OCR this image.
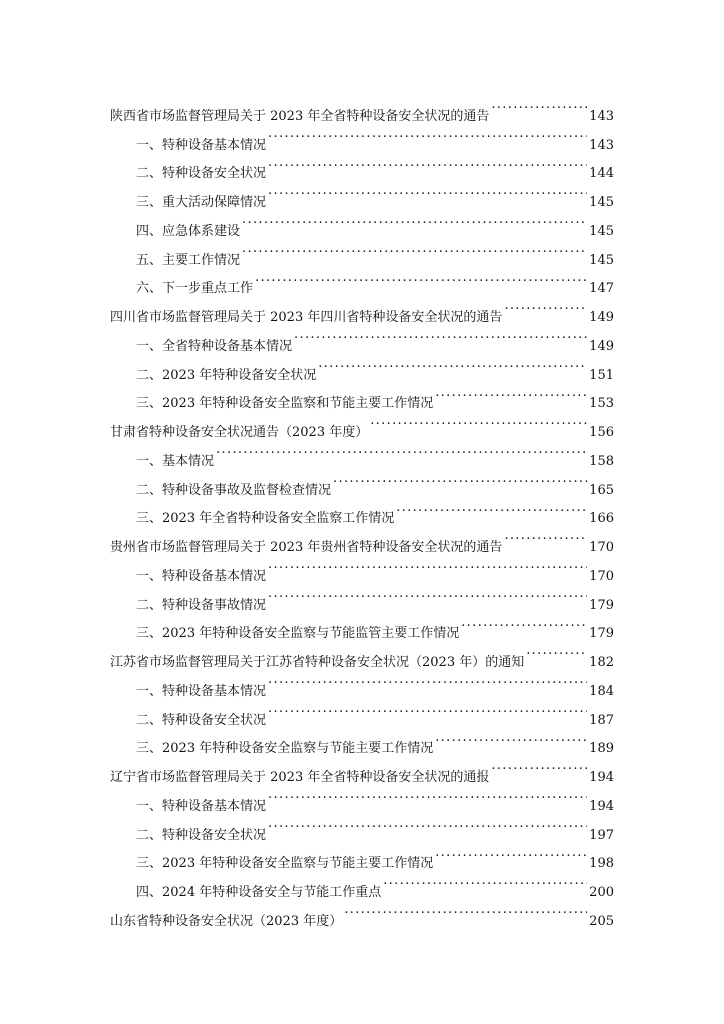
陕西省市场监督管理局关于 2023 年全省特种设备安全状况的通告 . . .	143
一、特种设备基本情况 . . .	143
二、特种设备安全状况 . . .	144
三、重大活动保障情况 . . .	145
四、应急体系建设 . . .	145
五、主要工作情况 . . .	145
六、下一步重点工作 . . .	147
四川省市场监督管理局关于 2023 年四川省特种设备安全状况的通告 . . .	149
一、全省特种设备基本情况 . . .	149
二、2023 年特种设备安全状况 . . .	151
三、2023 年特种设备安全监察和节能主要工作情况 . . .	153
甘肃省特种设备安全状况通告（2023 年度） . . .	156
一、基本情况 . . .	158
二、特种设备事故及监督检查情况 . . .	165
三、2023 年全省特种设备安全监察工作情况 . . .	166
贵州省市场监督管理局关于 2023 年贵州省特种设备安全状况的通告 . . .	170
一、特种设备基本情况 . . .	170
二、特种设备事故情况 . . .	179
三、2023 年特种设备安全监察与节能监管主要工作情况 . . .	179
江苏省市场监督管理局关于江苏省特种设备安全状况（2023 年）的通知 . . .	182
一、特种设备基本情况 . . .	184
二、特种设备安全状况 . . .	187
三、2023 年特种设备安全监察与节能主要工作情况 . . .	189
辽宁省市场监督管理局关于 2023 年全省特种设备安全状况的通报 . . .	194
一、特种设备基本情况 . . .	194
二、特种设备安全状况 . . .	197
三、2023 年特种设备安全监察与节能主要工作情况 . . .	198
四、2024 年特种设备安全与节能工作重点 . . .	200
山东省特种设备安全状况（2023 年度） . . .	205
